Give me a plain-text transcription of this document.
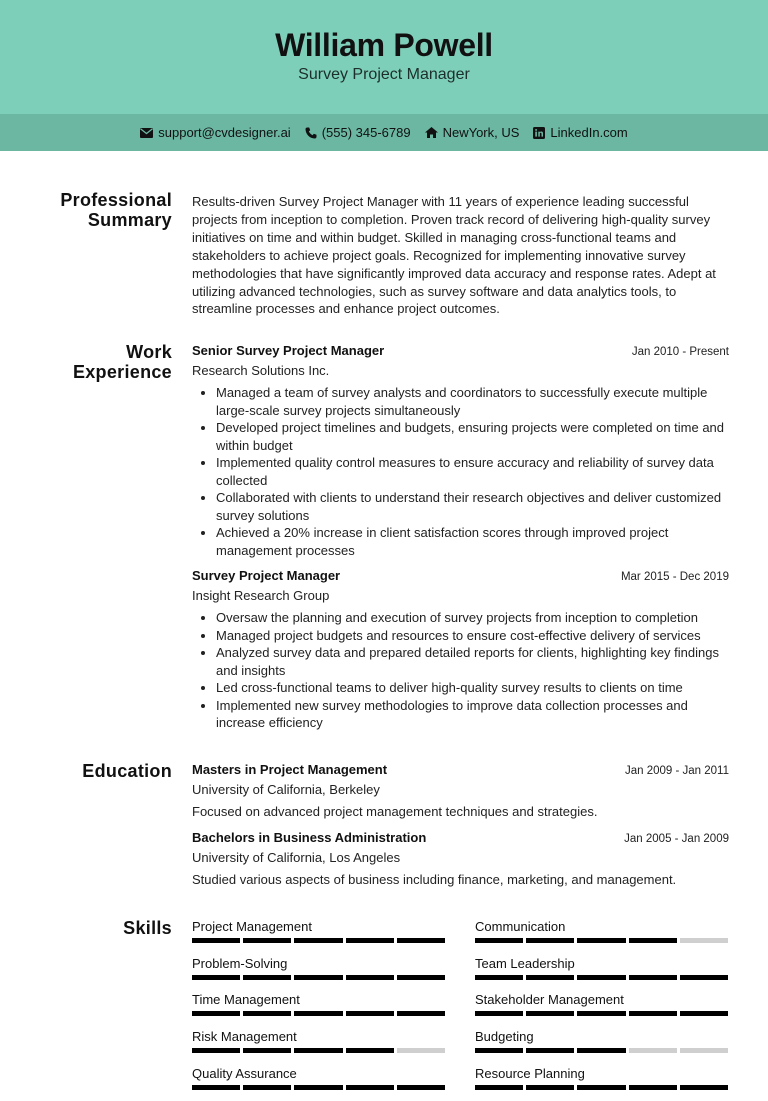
William Powell
Survey Project Manager
support@cvdesigner.ai (555) 345-6789 NewYork, US LinkedIn.com
Professional
Summary

Results-driven Survey Project Manager with 11 years of experience leading successful projects from inception to completion. Proven track record of delivering high-quality survey initiatives on time and within budget. Skilled in managing cross-functional teams and stakeholders to achieve project goals. Recognized for implementing innovative survey methodologies that have significantly improved data accuracy and response rates. Adept at utilizing advanced technologies, such as survey software and data analytics tools, to streamline processes and enhance project outcomes.

Work
Experience
Senior Survey Project Manager	Jan 2010 - Present
Research Solutions Inc.
• Managed a team of survey analysts and coordinators to successfully execute multiple large-scale survey projects simultaneously
• Developed project timelines and budgets, ensuring projects were completed on time and within budget
• Implemented quality control measures to ensure accuracy and reliability of survey data collected
• Collaborated with clients to understand their research objectives and deliver customized survey solutions
• Achieved a 20% increase in client satisfaction scores through improved project management processes
Survey Project Manager	Mar 2015 - Dec 2019
Insight Research Group
• Oversaw the planning and execution of survey projects from inception to completion
• Managed project budgets and resources to ensure cost-effective delivery of services
• Analyzed survey data and prepared detailed reports for clients, highlighting key findings and insights
• Led cross-functional teams to deliver high-quality survey results to clients on time
• Implemented new survey methodologies to improve data collection processes and increase efficiency
Education Masters in Project Management	Jan 2009 - Jan 2011
University of California, Berkeley
Focused on advanced project management techniques and strategies.
Bachelors in Business Administration	Jan 2005 - Jan 2009
University of California, Los Angeles
Studied various aspects of business including finance, marketing, and management.
Skills Project Management	Communication
Problem-Solving	Team Leadership
Time Management	Stakeholder Management
Risk Management	Budgeting
Quality Assurance	Resource Planning
